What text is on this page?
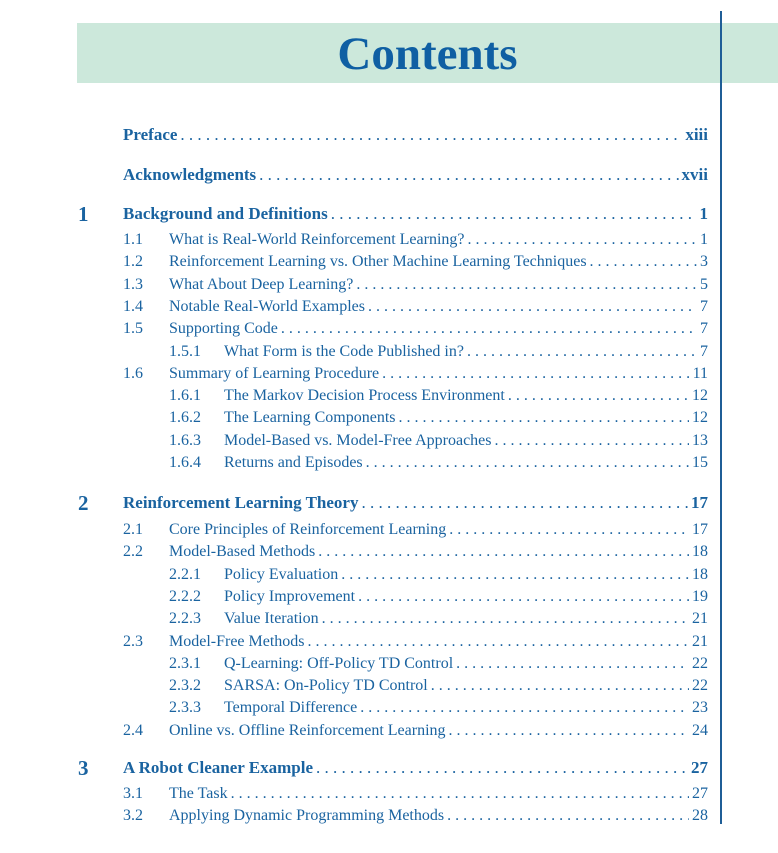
Contents
Preface . . .	xiii
Acknowledgments . . .	xvii
1 Background and Definitions . . .	1
1.1 What is Real-World Reinforcement Learning? . . .	1
1.2 Reinforcement Learning vs. Other Machine Learning Techniques . . .	3
1.3 What About Deep Learning? . . .	5
1.4 Notable Real-World Examples . . .	7
1.5 Supporting Code . . .	7
1.5.1 What Form is the Code Published in? . . .	7
1.6 Summary of Learning Procedure . . .	11
1.6.1 The Markov Decision Process Environment . . .	12
1.6.2 The Learning Components . . .	12
1.6.3 Model-Based vs. Model-Free Approaches . . .	13
1.6.4 Returns and Episodes . . .	15
2 Reinforcement Learning Theory . . .	17
2.1 Core Principles of Reinforcement Learning . . .	17
2.2 Model-Based Methods . . .	18
2.2.1 Policy Evaluation . . .	18
2.2.2 Policy Improvement . . .	19
2.2.3 Value Iteration . . .	21
2.3 Model-Free Methods . . .	21
2.3.1 Q-Learning: Off-Policy TD Control . . .	22
2.3.2 SARSA: On-Policy TD Control . . .	22
2.3.3 Temporal Difference . . .	23
2.4 Online vs. Offline Reinforcement Learning . . .	24
3 A Robot Cleaner Example . . .	27
3.1 The Task . . .	27
3.2 Applying Dynamic Programming Methods . . .	28
